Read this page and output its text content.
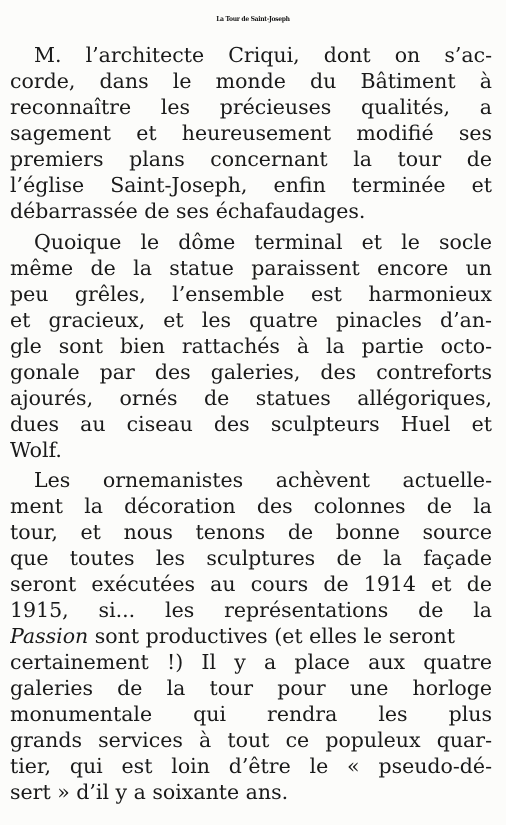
La Tour de Saint-Joseph
M. l’architecte Criqui, dont on s’ac-
corde, dans le monde du Bâtiment à
reconnaître les précieuses qualités, a
sagement et heureusement modifié ses
premiers plans concernant la tour de
l’église Saint-Joseph, enfin terminée et
débarrassée de ses échafaudages.
Quoique le dôme terminal et le socle
même de la statue paraissent encore un
peu grêles, l’ensemble est harmonieux
et gracieux, et les quatre pinacles d’an-
gle sont bien rattachés à la partie octo-
gonale par des galeries, des contreforts
ajourés, ornés de statues allégoriques,
dues au ciseau des sculpteurs Huel et
Wolf.
Les ornemanistes achèvent actuelle-
ment la décoration des colonnes de la
tour, et nous tenons de bonne source
que toutes les sculptures de la façade
seront exécutées au cours de 1914 et de
1915, si... les représentations de la
Passion sont productives (et elles le seront
certainement !) Il y a place aux quatre
galeries de la tour pour une horloge
monumentale qui rendra les plus
grands services à tout ce populeux quar-
tier, qui est loin d’être le « pseudo-dé-
sert » d’il y a soixante ans.
